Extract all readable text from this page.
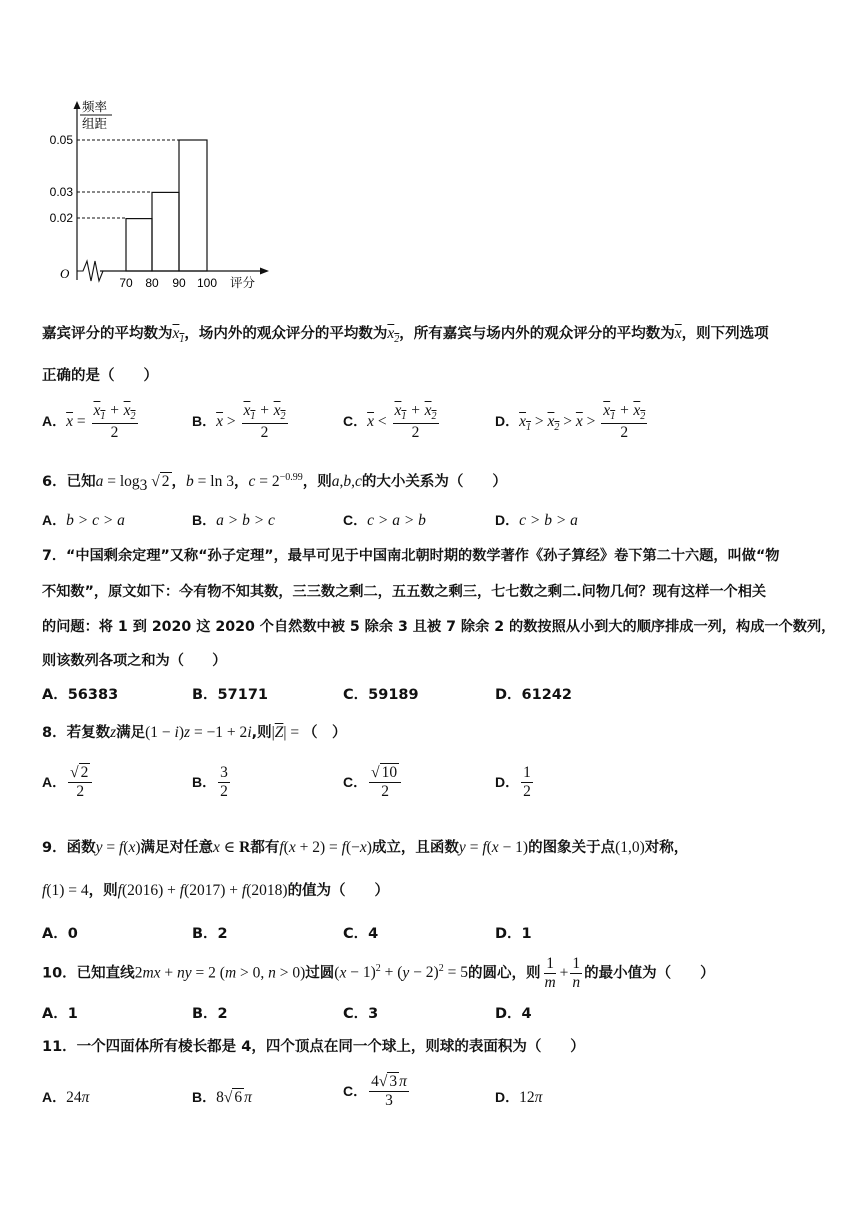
0.05
0.03
0.02
频率
组距
O
70 80 90 100 评分
嘉宾评分的平均数为$x_1$，场内外的观众评分的平均数为$x_2$，所有嘉宾与场内外的观众评分的平均数为$\overline{x}$，则下列选项
正确的是（　　）
A．$\overline{x} = \frac{x_1 + x_2}{2}$	B．$\overline{x} > \frac{x_1 + x_2}{2}$	C．$\overline{x} < \frac{x_1 + x_2}{2}$	D．$x_1 > x_2 > \overline{x} > \frac{x_1 + x_2}{2}$
6．已知$a = \log_3$ √ 2 ，b = ln 3，$c = 2^{-0.99}$，则a,b,c的大小关系为（　　）
A．b > c > a	B．a > b > c	C．c > a > b	D．c > b > a
7．“中国剩余定理”又称“孙子定理”，最早可见于中国南北朝时期的数学著作《孙子算经》卷下第二十六题，叫做“物
不知数”，原文如下：今有物不知其数，三三数之剩二，五五数之剩三，七七数之剩二.问物几何？现有这样一个相关
的问题：将 1 到 2020 这 2020 个自然数中被 5 除余 3 且被 7 除余 2 的数按照从小到大的顺序排成一列，构成一个数列，
则该数列各项之和为（　　）
A．56383	B．57171	C．59189	D．61242
8．若复数z满足(1 − i)z = −1 + 2i,则$|\overline{Z}|$ = （　）
A． $\frac{√ 2}{2}$	B． $\frac{3}{2}$	C． $\frac{√ 10}{2}$	D． $\frac{1}{2}$
9．函数y = f(x)满足对任意x ∈ R都有f(x + 2) = f(−x)成立，且函数y = f(x − 1)的图象关于点(1,0)对称，
f(1) = 4，则f(2016) + f(2017) + f(2018)的值为（　　）
A．0	B．2	C．4	D．1
10．已知直线2mx + ny = 2 (m > 0, n > 0)过圆$(x - 1)^2 + (y - 2)^2 = 5$的圆心，则 $\frac{1}{m} + \frac{1}{n}$ 的最小值为（　　）
A．1	B．2	C．3	D．4
11．一个四面体所有棱长都是 4，四个顶点在同一个球上，则球的表面积为（　　）
A．24π	B．8√ 6 π	C． $\frac{4√ 3 \pi}{3}$	D．12π
